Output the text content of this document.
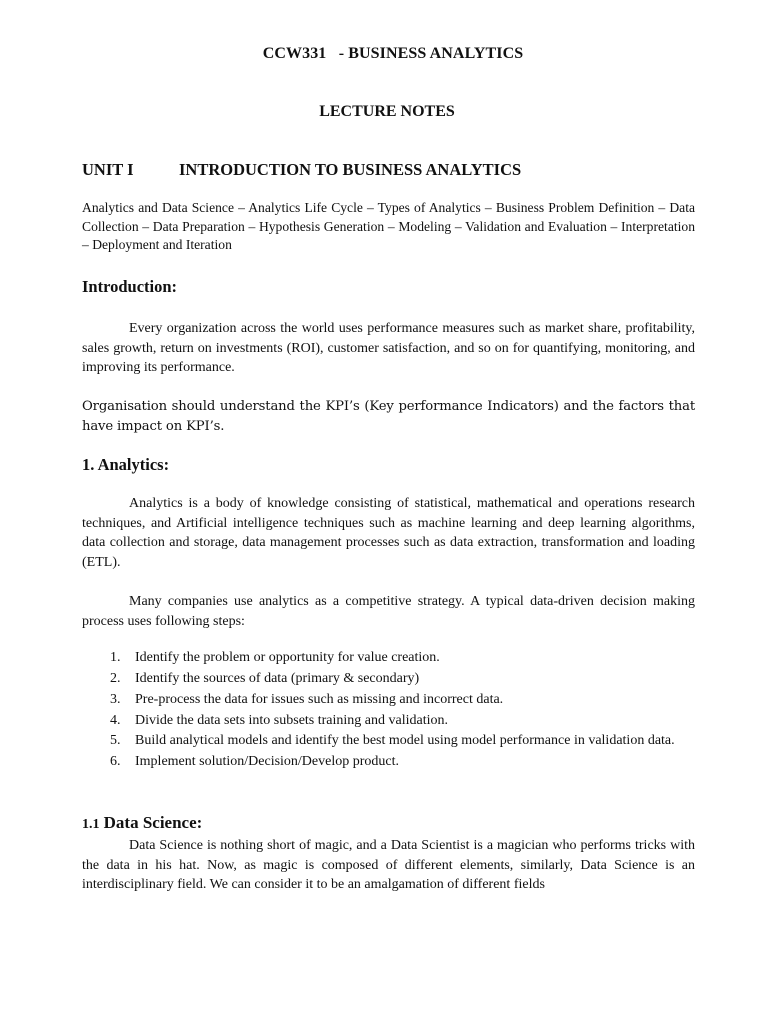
CCW331   - BUSINESS ANALYTICS
LECTURE NOTES
UNIT I	INTRODUCTION TO BUSINESS ANALYTICS
Analytics and Data Science – Analytics Life Cycle – Types of Analytics – Business Problem Definition – Data Collection – Data Preparation – Hypothesis Generation – Modeling – Validation and Evaluation – Interpretation – Deployment and Iteration
Introduction:
Every organization across the world uses performance measures such as market share, profitability, sales growth, return on investments (ROI), customer satisfaction, and so on for quantifying, monitoring, and improving its performance.
Organisation should understand the KPI’s (Key performance Indicators) and the factors that have impact on KPI’s.
1. Analytics:
Analytics is a body of knowledge consisting of statistical, mathematical and operations research techniques, and Artificial intelligence techniques such as machine learning and deep learning algorithms, data collection and storage, data management processes such as data extraction, transformation and loading (ETL).
Many companies use analytics as a competitive strategy. A typical data-driven decision making process uses following steps:
1. Identify the problem or opportunity for value creation.
2. Identify the sources of data (primary & secondary)
3. Pre-process the data for issues such as missing and incorrect data.
4. Divide the data sets into subsets training and validation.
5. Build analytical models and identify the best model using model performance in validation data.
6. Implement solution/Decision/Develop product.
1.1 Data Science:
Data Science is nothing short of magic, and a Data Scientist is a magician who performs tricks with the data in his hat. Now, as magic is composed of different elements, similarly, Data Science is an interdisciplinary field. We can consider it to be an amalgamation of different fields
